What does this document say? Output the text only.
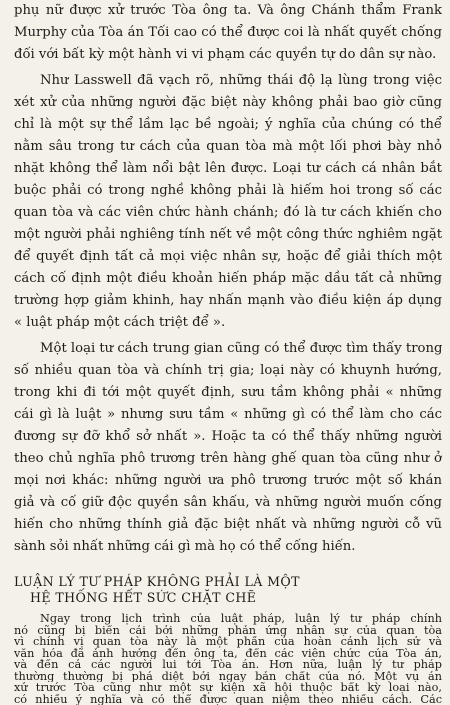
phụ nữ được xử trước Tòa ông ta. Và ông Chánh thẩm Frank
Murphy của Tòa án Tối cao có thể được coi là nhất quyết chống
đối với bất kỳ một hành vi vi phạm các quyền tự do dân sự nào.
Như Lasswell đã vạch rõ, những thái độ lạ lùng trong việc
xét xử của những người đặc biệt này không phải bao giờ cũng
chỉ là một sự thể lầm lạc bề ngoài; ý nghĩa của chúng có thể
nằm sâu trong tư cách của quan tòa mà một lối phơi bày nhỏ
nhặt không thể làm nổi bật lên được. Loại tư cách cá nhân bắt
buộc phải có trong nghề không phải là hiếm hoi trong số các
quan tòa và các viên chức hành chánh; đó là tư cách khiến cho
một người phải nghiêng tính nết về một công thức nghiêm ngặt
để quyết định tất cả mọi việc nhân sự, hoặc để giải thích một
cách cố định một điều khoản hiến pháp mặc dầu tất cả những
trường hợp giảm khinh, hay nhấn mạnh vào điều kiện áp dụng
« luật pháp một cách triệt để ».
Một loại tư cách trung gian cũng có thể được tìm thấy trong
số nhiều quan tòa và chính trị gia; loại này có khuynh hướng,
trong khi đi tới một quyết định, sưu tầm không phải « những
cái gì là luật » nhưng sưu tầm « những gì có thể làm cho các
đương sự đỡ khổ sở nhất ». Hoặc ta có thể thấy những người
theo chủ nghĩa phô trương trên hàng ghế quan tòa cũng như ở
mọi nơi khác: những người ưa phô trương trước một số khán
giả và cố giữ độc quyền sân khấu, và những người muốn cống
hiến cho những thính giả đặc biệt nhất và những người cỗ vũ
sành sỏi nhất những cái gì mà họ có thể cống hiến.
LUẬN LÝ TƯ PHÁP KHÔNG PHẢI LÀ MỘT
HỆ THỐNG HẾT SỨC CHẶT CHẼ
Ngay trong lịch trình của luật pháp, luận lý tư pháp chính
nó cũng bị biến cải bởi những phản ứng nhân sự của quan tòa
vì chính vị quan tòa này là một phần của hoàn cảnh lịch sử và
văn hóa đã ảnh hưởng đến ông ta, đến các viên chức của Tòa án,
và đến cả các người lui tới Tòa án. Hơn nữa, luận lý tư pháp
thường thường bị phá diệt bởi ngay bản chất của nó. Một vụ án
xử trước Tòa cũng như một sự kiện xã hội thuộc bất kỳ loại nào,
có nhiều ý nghĩa và có thể được quan niệm theo nhiều cách. Các
